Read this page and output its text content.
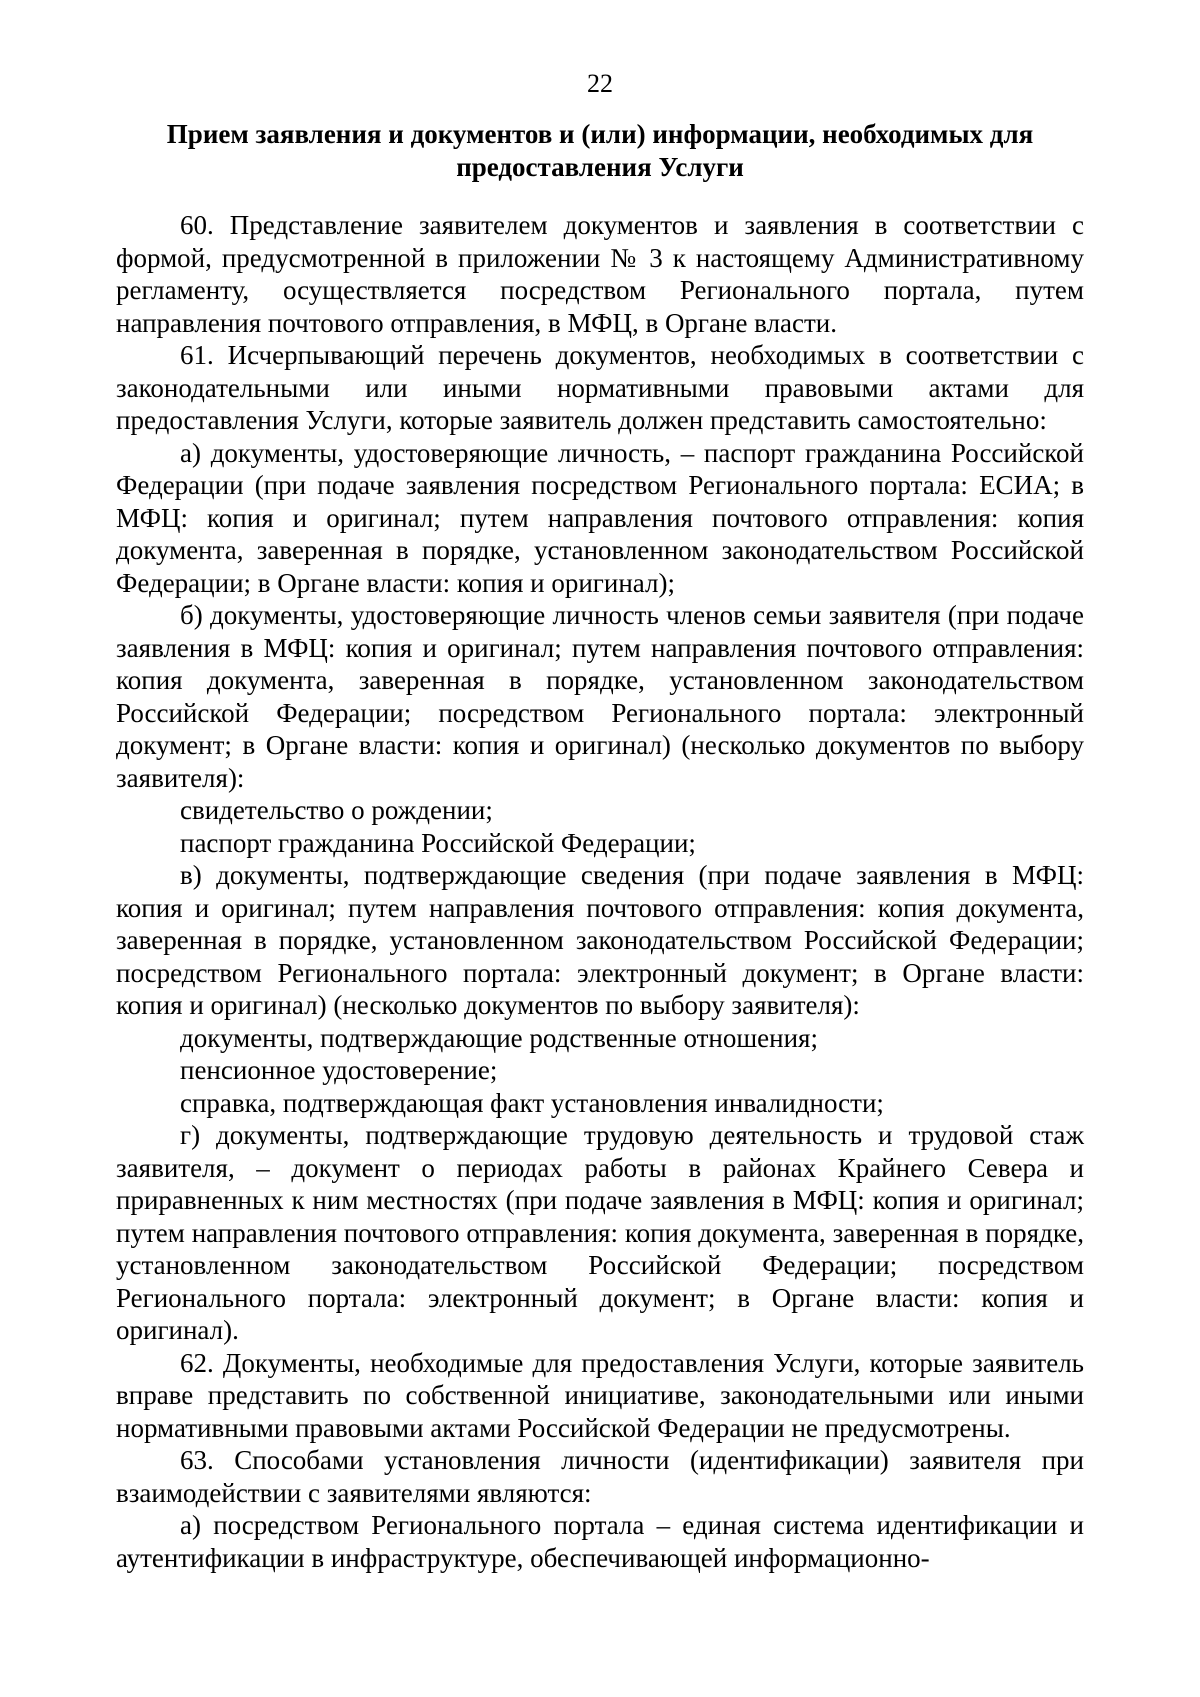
22
Прием заявления и документов и (или) информации, необходимых для предоставления Услуги

60. Представление заявителем документов и заявления в соответствии с формой, предусмотренной в приложении № 3 к настоящему Административному регламенту, осуществляется посредством Регионального портала, путем направления почтового отправления, в МФЦ, в Органе власти.

61. Исчерпывающий перечень документов, необходимых в соответствии с законодательными или иными нормативными правовыми актами для предоставления Услуги, которые заявитель должен представить самостоятельно:

а) документы, удостоверяющие личность, – паспорт гражданина Российской Федерации (при подаче заявления посредством Регионального портала: ЕСИА; в МФЦ: копия и оригинал; путем направления почтового отправления: копия документа, заверенная в порядке, установленном законодательством Российской Федерации; в Органе власти: копия и оригинал);

б) документы, удостоверяющие личность членов семьи заявителя (при подаче заявления в МФЦ: копия и оригинал; путем направления почтового отправления: копия документа, заверенная в порядке, установленном законодательством Российской Федерации; посредством Регионального портала: электронный документ; в Органе власти: копия и оригинал) (несколько документов по выбору заявителя):

свидетельство о рождении;

паспорт гражданина Российской Федерации;

в) документы, подтверждающие сведения (при подаче заявления в МФЦ: копия и оригинал; путем направления почтового отправления: копия документа, заверенная в порядке, установленном законодательством Российской Федерации; посредством Регионального портала: электронный документ; в Органе власти: копия и оригинал) (несколько документов по выбору заявителя):

документы, подтверждающие родственные отношения;

пенсионное удостоверение;

справка, подтверждающая факт установления инвалидности;

г) документы, подтверждающие трудовую деятельность и трудовой стаж заявителя, – документ о периодах работы в районах Крайнего Севера и приравненных к ним местностях (при подаче заявления в МФЦ: копия и оригинал; путем направления почтового отправления: копия документа, заверенная в порядке, установленном законодательством Российской Федерации; посредством Регионального портала: электронный документ; в Органе власти: копия и оригинал).

62. Документы, необходимые для предоставления Услуги, которые заявитель вправе представить по собственной инициативе, законодательными или иными нормативными правовыми актами Российской Федерации не предусмотрены.

63. Способами установления личности (идентификации) заявителя при взаимодействии с заявителями являются:

а) посредством Регионального портала – единая система идентификации и аутентификации в инфраструктуре, обеспечивающей информационно-
